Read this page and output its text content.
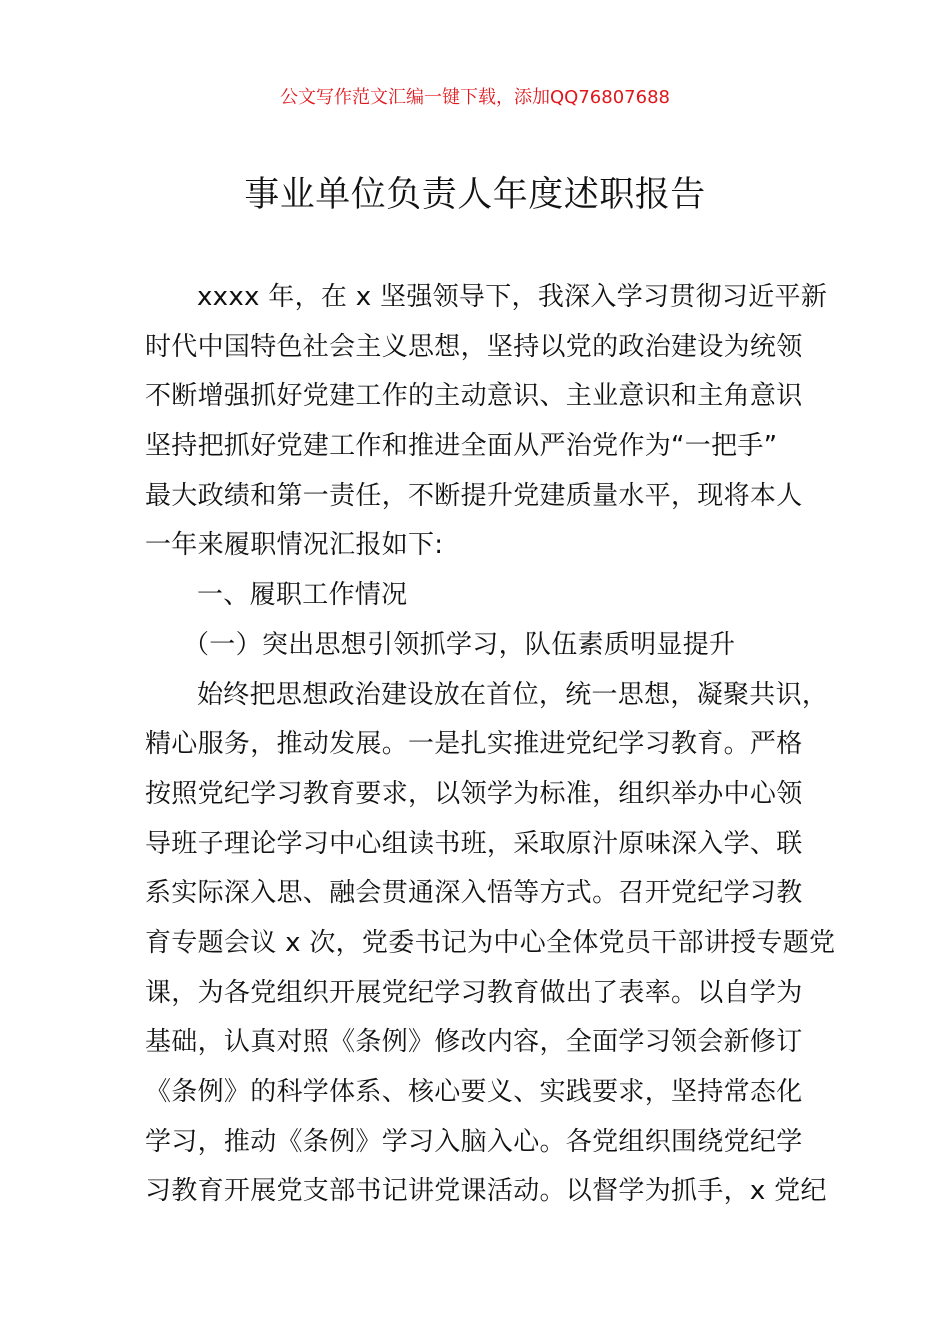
公文写作范文汇编一键下载，添加QQ76807688
事业单位负责人年度述职报告
xxxx 年，在 x 坚强领导下，我深入学习贯彻习近平新
时代中国特色社会主义思想，坚持以党的政治建设为统领
不断增强抓好党建工作的主动意识、主业意识和主角意识
坚持把抓好党建工作和推进全面从严治党作为“一把手”
最大政绩和第一责任，不断提升党建质量水平，现将本人
一年来履职情况汇报如下:
一、履职工作情况
（一）突出思想引领抓学习，队伍素质明显提升
始终把思想政治建设放在首位，统一思想，凝聚共识，
精心服务，推动发展。一是扎实推进党纪学习教育。严格
按照党纪学习教育要求，以领学为标准，组织举办中心领
导班子理论学习中心组读书班，采取原汁原味深入学、联
系实际深入思、融会贯通深入悟等方式。召开党纪学习教
育专题会议 x 次，党委书记为中心全体党员干部讲授专题党
课，为各党组织开展党纪学习教育做出了表率。以自学为
基础，认真对照《条例》修改内容，全面学习领会新修订
《条例》的科学体系、核心要义、实践要求，坚持常态化
学习，推动《条例》学习入脑入心。各党组织围绕党纪学
习教育开展党支部书记讲党课活动。以督学为抓手，x 党纪
